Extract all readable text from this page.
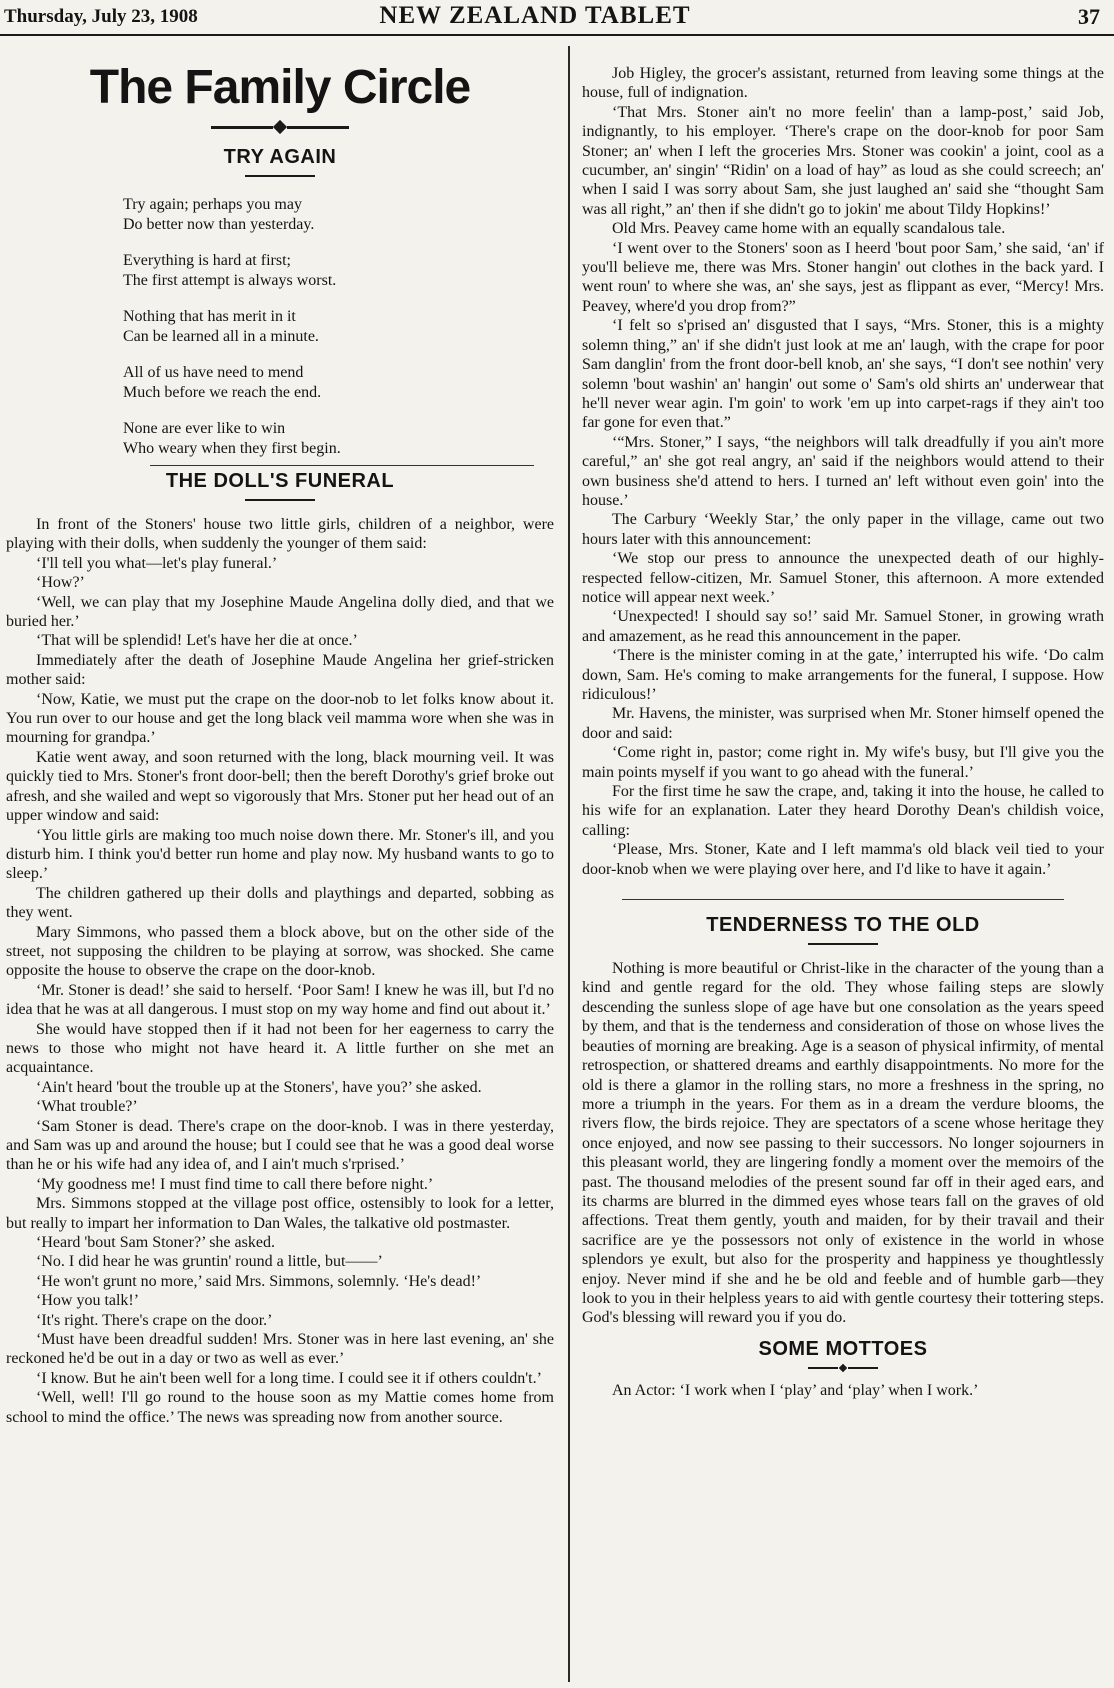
Thursday, July 23, 1908	NEW ZEALAND TABLET	37
The Family Circle
TRY AGAIN

Try again; perhaps you may

Do better now than yesterday.

Everything is hard at first;

The first attempt is always worst.

Nothing that has merit in it

Can be learned all in a minute.

All of us have need to mend

Much before we reach the end.

None are ever like to win

Who weary when they first begin.

THE DOLL'S FUNERAL

In front of the Stoners' house two little girls, children of a neighbor, were playing with their dolls, when suddenly the younger of them said:

‘I'll tell you what—let's play funeral.’

‘How?’

‘Well, we can play that my Josephine Maude Angelina dolly died, and that we buried her.’

‘That will be splendid! Let's have her die at once.’

Immediately after the death of Josephine Maude Angelina her grief-stricken mother said:

‘Now, Katie, we must put the crape on the door-nob to let folks know about it. You run over to our house and get the long black veil mamma wore when she was in mourning for grandpa.’

Katie went away, and soon returned with the long, black mourning veil. It was quickly tied to Mrs. Stoner's front door-bell; then the bereft Dorothy's grief broke out afresh, and she wailed and wept so vigorously that Mrs. Stoner put her head out of an upper window and said:

‘You little girls are making too much noise down there. Mr. Stoner's ill, and you disturb him. I think you'd better run home and play now. My husband wants to go to sleep.’

The children gathered up their dolls and playthings and departed, sobbing as they went.

Mary Simmons, who passed them a block above, but on the other side of the street, not supposing the children to be playing at sorrow, was shocked. She came opposite the house to observe the crape on the door-knob.

‘Mr. Stoner is dead!’ she said to herself. ‘Poor Sam! I knew he was ill, but I'd no idea that he was at all dangerous. I must stop on my way home and find out about it.’

She would have stopped then if it had not been for her eagerness to carry the news to those who might not have heard it. A little further on she met an acquaintance.

‘Ain't heard 'bout the trouble up at the Stoners', have you?’ she asked.

‘What trouble?’

‘Sam Stoner is dead. There's crape on the door-knob. I was in there yesterday, and Sam was up and around the house; but I could see that he was a good deal worse than he or his wife had any idea of, and I ain't much s'rprised.’

‘My goodness me! I must find time to call there before night.’

Mrs. Simmons stopped at the village post office, ostensibly to look for a letter, but really to impart her information to Dan Wales, the talkative old postmaster.

‘Heard 'bout Sam Stoner?’ she asked.

‘No. I did hear he was gruntin' round a little, but——’

‘He won't grunt no more,’ said Mrs. Simmons, solemnly. ‘He's dead!’

‘How you talk!’

‘It's right. There's crape on the door.’

‘Must have been dreadful sudden! Mrs. Stoner was in here last evening, an' she reckoned he'd be out in a day or two as well as ever.’

‘I know. But he ain't been well for a long time. I could see it if others couldn't.’

‘Well, well! I'll go round to the house soon as my Mattie comes home from school to mind the office.’ The news was spreading now from another source.

Job Higley, the grocer's assistant, returned from leaving some things at the house, full of indignation.

‘That Mrs. Stoner ain't no more feelin' than a lamp-post,’ said Job, indignantly, to his employer. ‘There's crape on the door-knob for poor Sam Stoner; an' when I left the groceries Mrs. Stoner was cookin' a joint, cool as a cucumber, an' singin' “Ridin' on a load of hay” as loud as she could screech; an' when I said I was sorry about Sam, she just laughed an' said she “thought Sam was all right,” an' then if she didn't go to jokin' me about Tildy Hopkins!’

Old Mrs. Peavey came home with an equally scandalous tale.

‘I went over to the Stoners' soon as I heerd 'bout poor Sam,’ she said, ‘an' if you'll believe me, there was Mrs. Stoner hangin' out clothes in the back yard. I went roun' to where she was, an' she says, jest as flippant as ever, “Mercy! Mrs. Peavey, where'd you drop from?”

‘I felt so s'prised an' disgusted that I says, “Mrs. Stoner, this is a mighty solemn thing,” an' if she didn't just look at me an' laugh, with the crape for poor Sam danglin' from the front door-bell knob, an' she says, “I don't see nothin' very solemn 'bout washin' an' hangin' out some o' Sam's old shirts an' underwear that he'll never wear agin. I'm goin' to work 'em up into carpet-rags if they ain't too far gone for even that.”

‘“Mrs. Stoner,” I says, “the neighbors will talk dreadfully if you ain't more careful,” an' she got real angry, an' said if the neighbors would attend to their own business she'd attend to hers. I turned an' left without even goin' into the house.’

The Carbury ‘Weekly Star,’ the only paper in the village, came out two hours later with this announcement:

‘We stop our press to announce the unexpected death of our highly-respected fellow-citizen, Mr. Samuel Stoner, this afternoon. A more extended notice will appear next week.’

‘Unexpected! I should say so!’ said Mr. Samuel Stoner, in growing wrath and amazement, as he read this announcement in the paper.

‘There is the minister coming in at the gate,’ interrupted his wife. ‘Do calm down, Sam. He's coming to make arrangements for the funeral, I suppose. How ridiculous!’

Mr. Havens, the minister, was surprised when Mr. Stoner himself opened the door and said:

‘Come right in, pastor; come right in. My wife's busy, but I'll give you the main points myself if you want to go ahead with the funeral.’

For the first time he saw the crape, and, taking it into the house, he called to his wife for an explanation. Later they heard Dorothy Dean's childish voice, calling:

‘Please, Mrs. Stoner, Kate and I left mamma's old black veil tied to your door-knob when we were playing over here, and I'd like to have it again.’

TENDERNESS TO THE OLD

Nothing is more beautiful or Christ-like in the character of the young than a kind and gentle regard for the old. They whose failing steps are slowly descending the sunless slope of age have but one consolation as the years speed by them, and that is the tenderness and consideration of those on whose lives the beauties of morning are breaking. Age is a season of physical infirmity, of mental retrospection, or shattered dreams and earthly disappointments. No more for the old is there a glamor in the rolling stars, no more a freshness in the spring, no more a triumph in the years. For them as in a dream the verdure blooms, the rivers flow, the birds rejoice. They are spectators of a scene whose heritage they once enjoyed, and now see passing to their successors. No longer sojourners in this pleasant world, they are lingering fondly a moment over the memoirs of the past. The thousand melodies of the present sound far off in their aged ears, and its charms are blurred in the dimmed eyes whose tears fall on the graves of old affections. Treat them gently, youth and maiden, for by their travail and their sacrifice are ye the possessors not only of existence in the world in whose splendors ye exult, but also for the prosperity and happiness ye thoughtlessly enjoy. Never mind if she and he be old and feeble and of humble garb—they look to you in their helpless years to aid with gentle courtesy their tottering steps. God's blessing will reward you if you do.

SOME MOTTOES

An Actor: ‘I work when I ‘play’ and ‘play’ when I work.’
